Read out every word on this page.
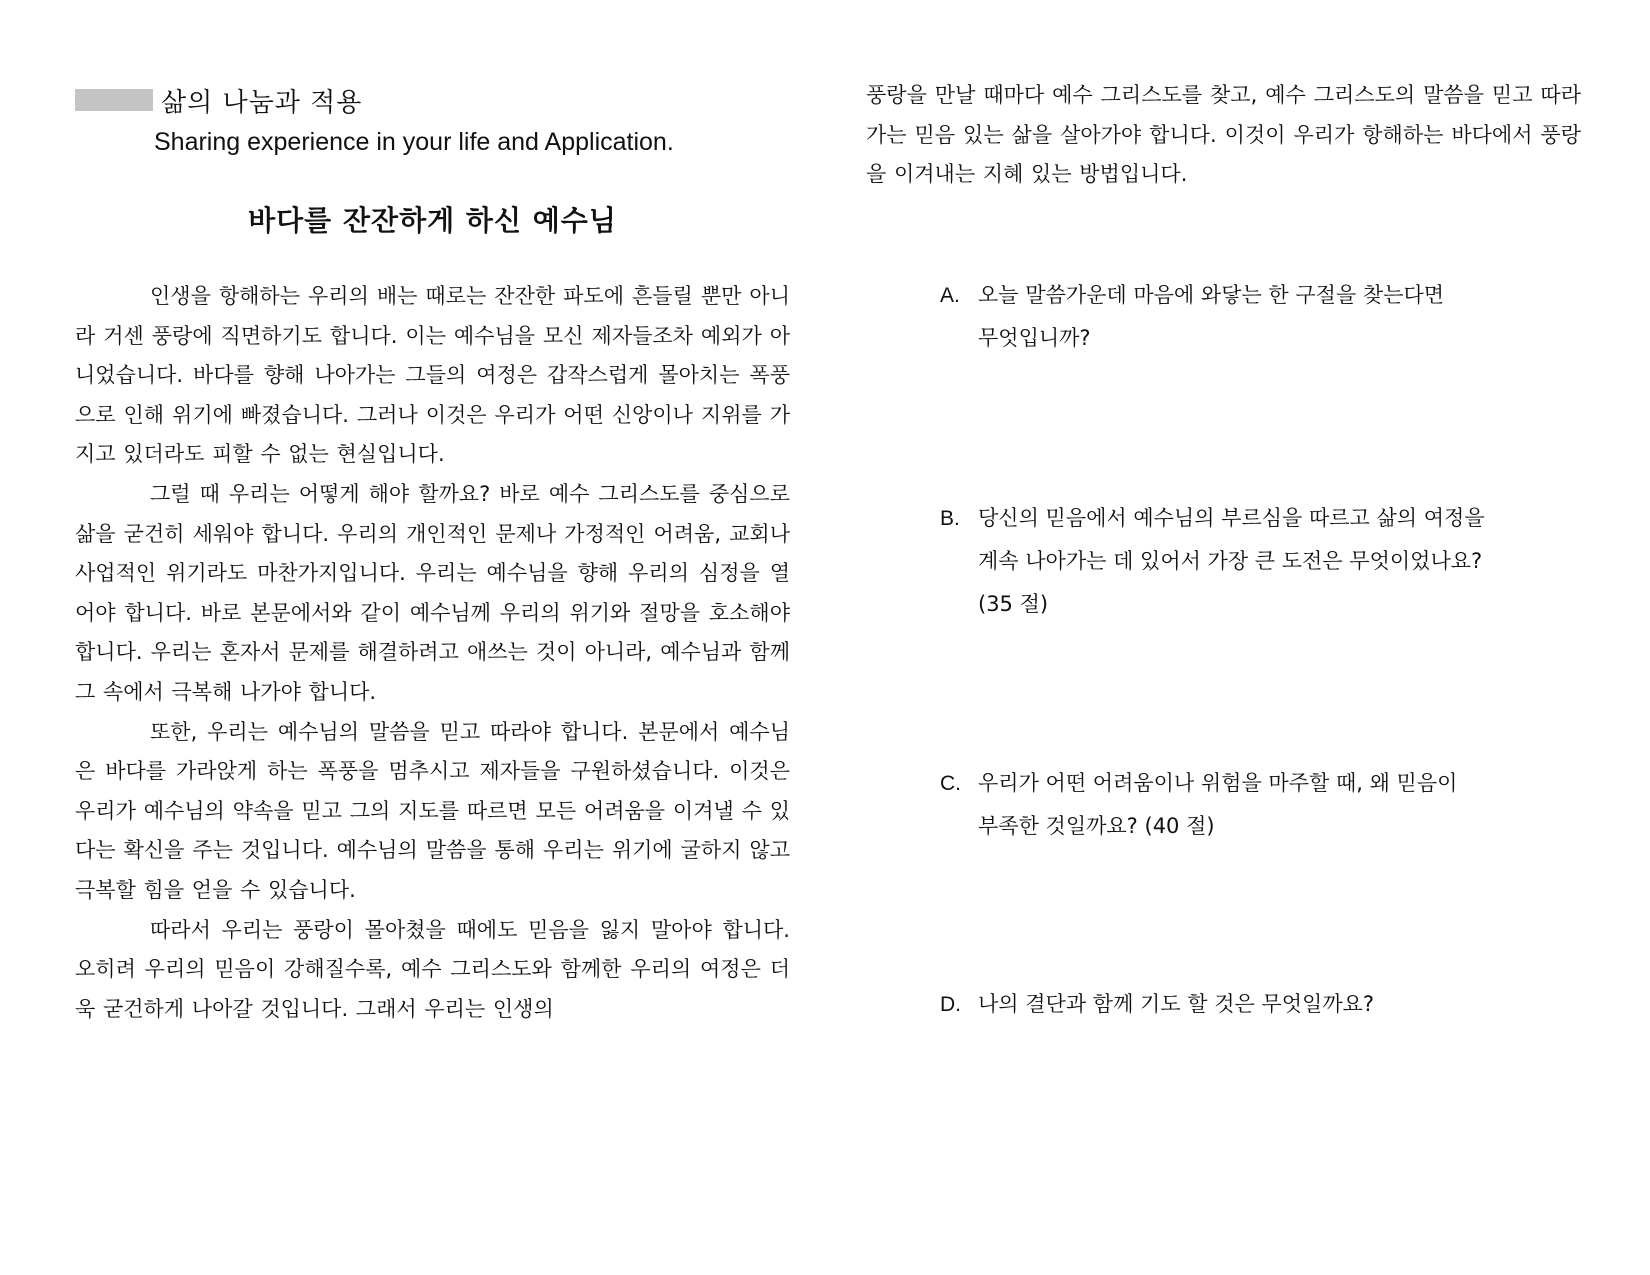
삶의 나눔과 적용
Sharing experience in your life and Application.
바다를 잔잔하게 하신 예수님

인생을 항해하는 우리의 배는 때로는 잔잔한 파도에 흔들릴 뿐만 아니라 거센 풍랑에 직면하기도 합니다. 이는 예수님을 모신 제자들조차 예외가 아니었습니다. 바다를 향해 나아가는 그들의 여정은 갑작스럽게 몰아치는 폭풍으로 인해 위기에 빠졌습니다. 그러나 이것은 우리가 어떤 신앙이나 지위를 가지고 있더라도 피할 수 없는 현실입니다.

그럴 때 우리는 어떻게 해야 할까요? 바로 예수 그리스도를 중심으로 삶을 굳건히 세워야 합니다. 우리의 개인적인 문제나 가정적인 어려움, 교회나 사업적인 위기라도 마찬가지입니다. 우리는 예수님을 향해 우리의 심정을 열어야 합니다. 바로 본문에서와 같이 예수님께 우리의 위기와 절망을 호소해야 합니다. 우리는 혼자서 문제를 해결하려고 애쓰는 것이 아니라, 예수님과 함께 그 속에서 극복해 나가야 합니다.

또한, 우리는 예수님의 말씀을 믿고 따라야 합니다. 본문에서 예수님은 바다를 가라앉게 하는 폭풍을 멈추시고 제자들을 구원하셨습니다. 이것은 우리가 예수님의 약속을 믿고 그의 지도를 따르면 모든 어려움을 이겨낼 수 있다는 확신을 주는 것입니다. 예수님의 말씀을 통해 우리는 위기에 굴하지 않고 극복할 힘을 얻을 수 있습니다.

따라서 우리는 풍랑이 몰아쳤을 때에도 믿음을 잃지 말아야 합니다. 오히려 우리의 믿음이 강해질수록, 예수 그리스도와 함께한 우리의 여정은 더욱 굳건하게 나아갈 것입니다. 그래서 우리는 인생의

풍랑을 만날 때마다 예수 그리스도를 찾고, 예수 그리스도의 말씀을 믿고 따라가는 믿음 있는 삶을 살아가야 합니다. 이것이 우리가 항해하는 바다에서 풍랑을 이겨내는 지혜 있는 방법입니다.

A. 오늘 말씀가운데 마음에 와닿는 한 구절을 찾는다면
무엇입니까?
B. 당신의 믿음에서 예수님의 부르심을 따르고 삶의 여정을
계속 나아가는 데 있어서 가장 큰 도전은 무엇이었나요?
(35 절)
C. 우리가 어떤 어려움이나 위험을 마주할 때, 왜 믿음이
부족한 것일까요? (40 절)
D. 나의 결단과 함께 기도 할 것은 무엇일까요?
